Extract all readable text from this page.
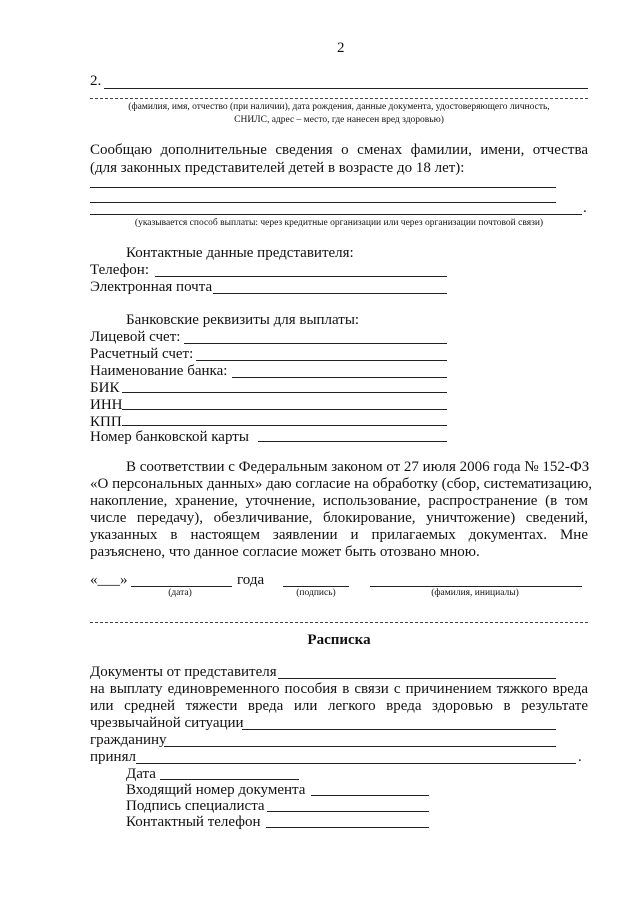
2
2.
(фамилия, имя, отчество (при наличии), дата рождения, данные документа, удостоверяющего личность,
СНИЛС, адрес – место, где нанесен вред здоровью)
Сообщаю дополнительные сведения о сменах фамилии, имени, отчества
(для законных представителей детей в возрасте до 18 лет):
.
(указывается способ выплаты: через кредитные организации или через организации почтовой связи)
Контактные данные представителя:
Телефон:
Электронная почта
Банковские реквизиты для выплаты:
Лицевой счет:
Расчетный счет:
Наименование банка:
БИК
ИНН
КПП
Номер банковской карты
В соответствии с Федеральным законом от 27 июля 2006 года № 152-ФЗ
«О персональных данных» даю согласие на обработку (сбор, систематизацию,
накопление, хранение, уточнение, использование, распространение (в том
числе передачу), обезличивание, блокирование, уничтожение) сведений,
указанных в настоящем заявлении и прилагаемых документах. Мне
разъяснено, что данное согласие может быть отозвано мною.
«___»	года
(дата)	(подпись)	(фамилия, инициалы)
Расписка
Документы от представителя
на выплату единовременного пособия в связи с причинением тяжкого вреда
или средней тяжести вреда или легкого вреда здоровью в результате
чрезвычайной ситуации
гражданину
принял	.
Дата
Входящий номер документа
Подпись специалиста
Контактный телефон
